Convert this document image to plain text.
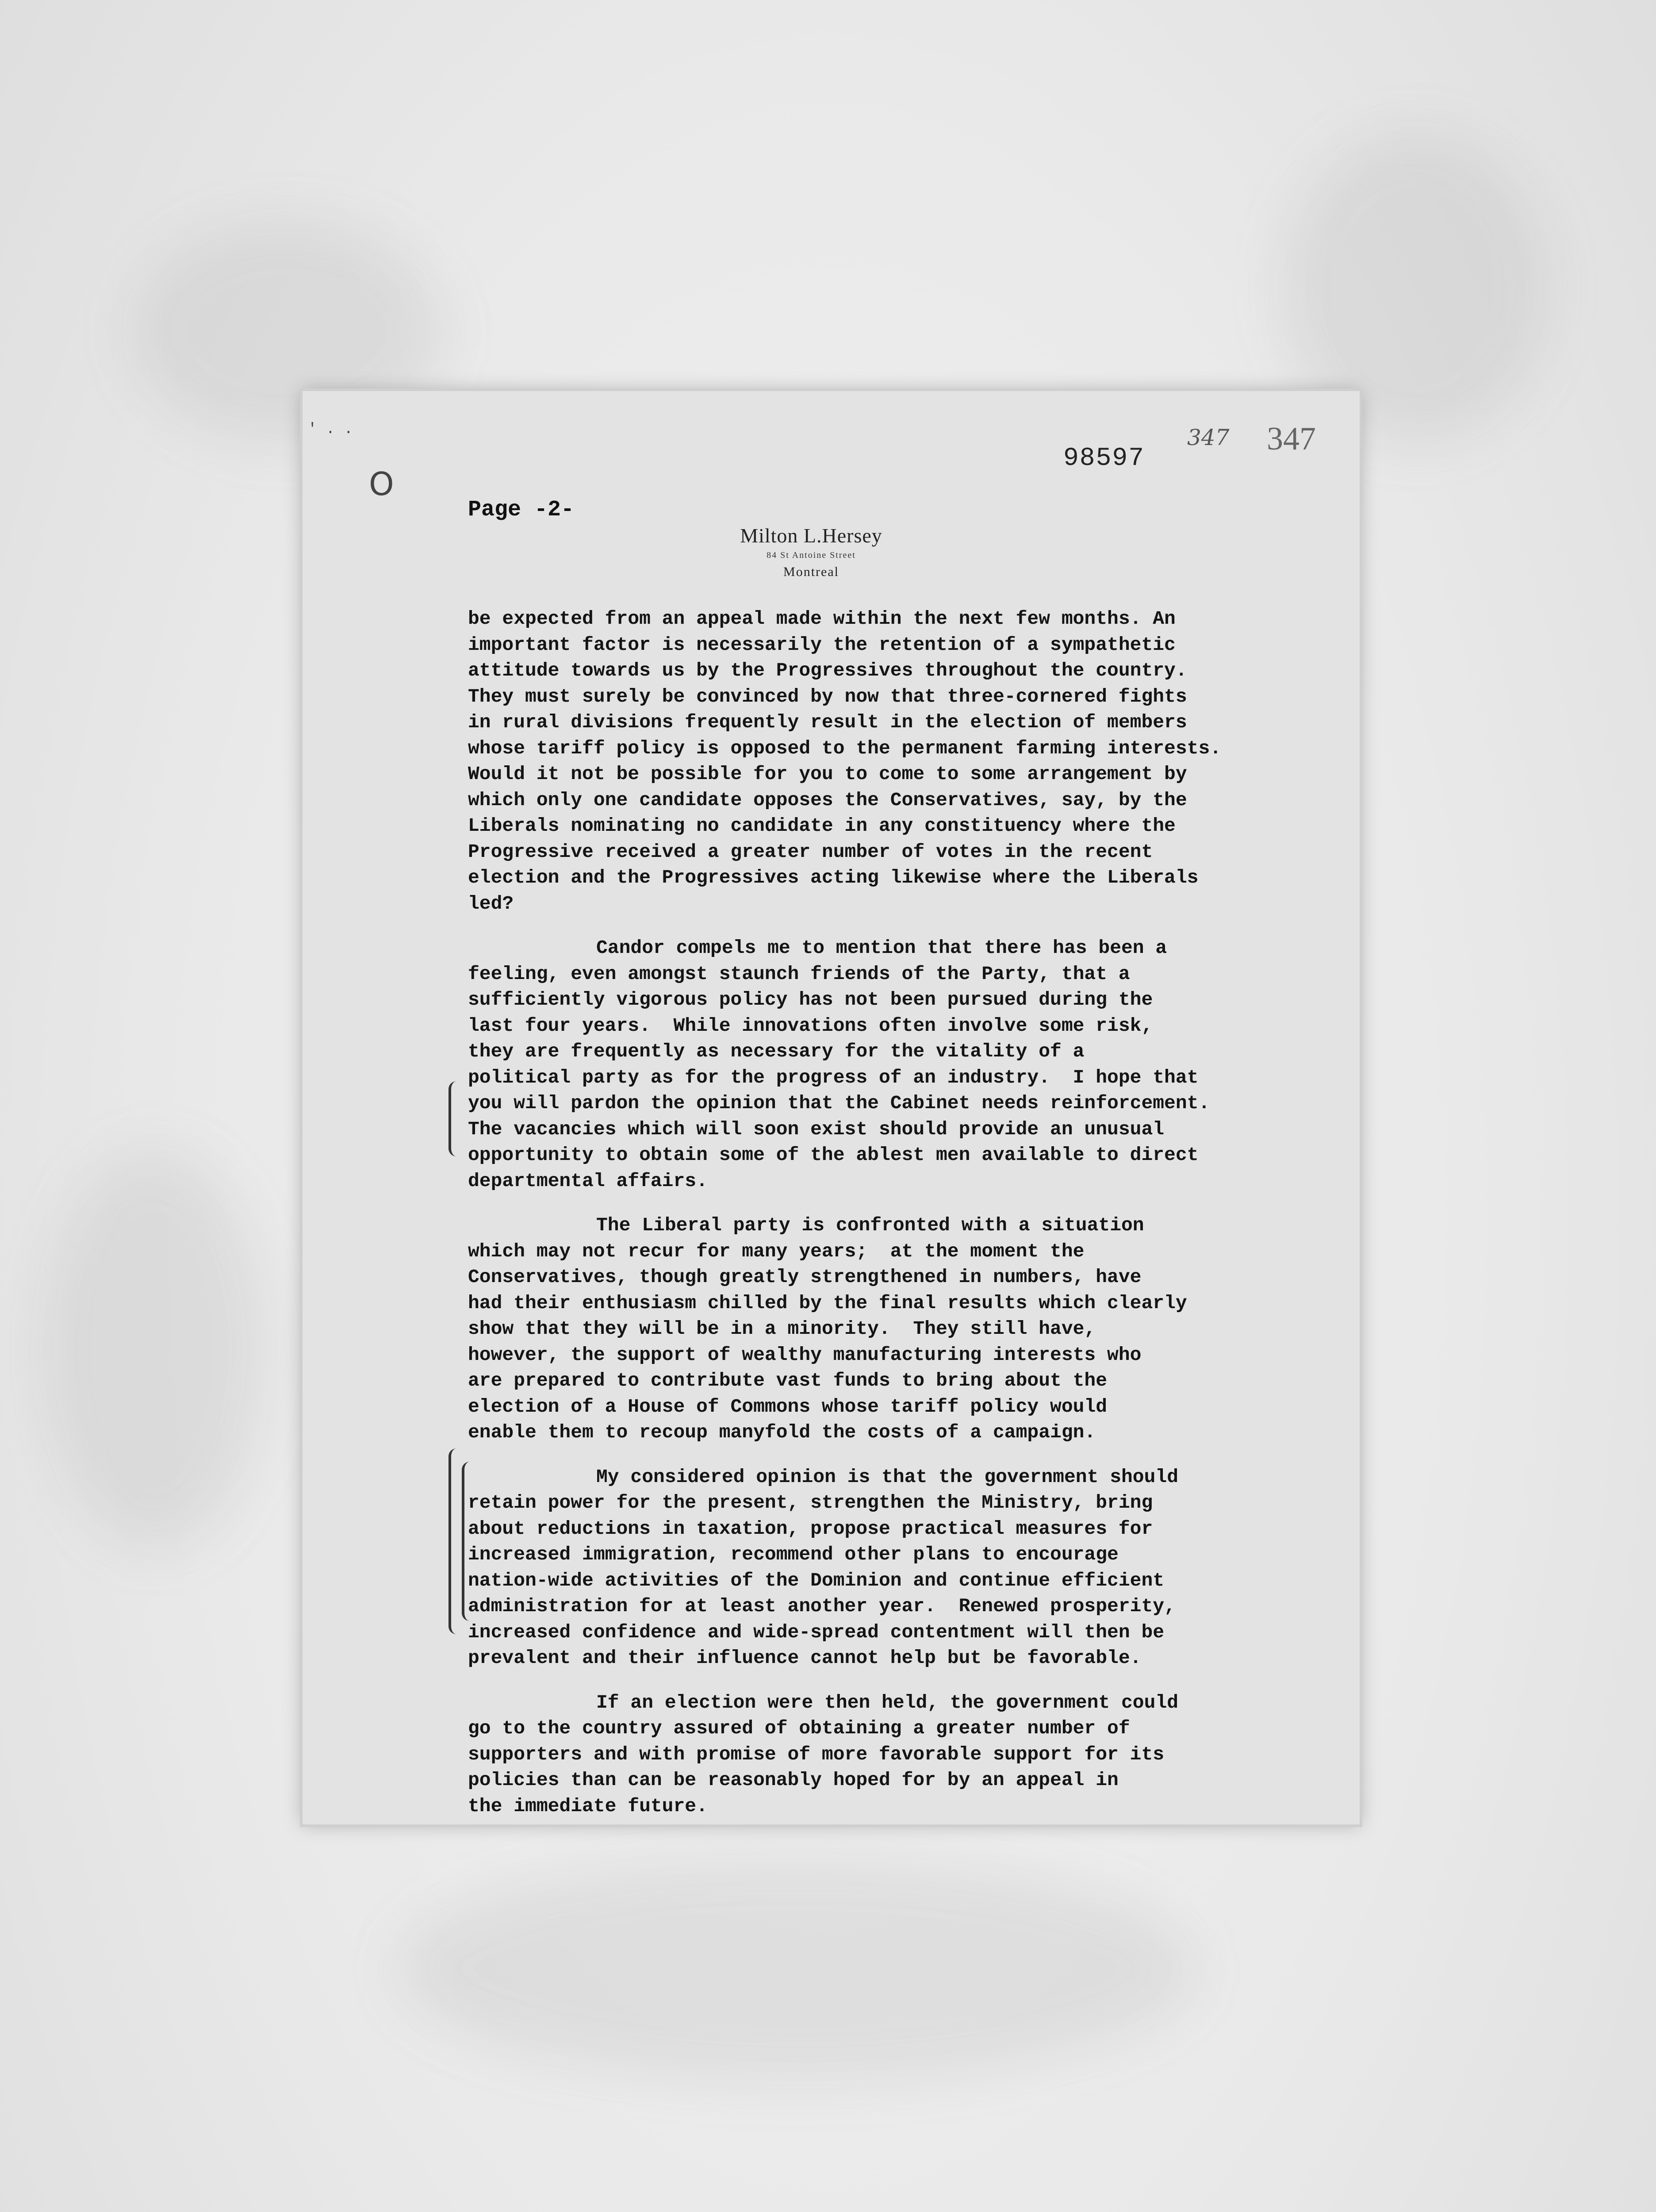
' . .
O
347 347
98597
Page -2-
Milton L.Hersey
84 St Antoine Street
Montreal
be expected from an appeal made within the next few months. An
important factor is necessarily the retention of a sympathetic
attitude towards us by the Progressives throughout the country.
They must surely be convinced by now that three-cornered fights
in rural divisions frequently result in the election of members
whose tariff policy is opposed to the permanent farming interests.
Would it not be possible for you to come to some arrangement by
which only one candidate opposes the Conservatives, say, by the
Liberals nominating no candidate in any constituency where the
Progressive received a greater number of votes in the recent
election and the Progressives acting likewise where the Liberals
led?
Candor compels me to mention that there has been a
feeling, even amongst staunch friends of the Party, that a
sufficiently vigorous policy has not been pursued during the
last four years.  While innovations often involve some risk,
they are frequently as necessary for the vitality of a
political party as for the progress of an industry.  I hope that
you will pardon the opinion that the Cabinet needs reinforcement.
The vacancies which will soon exist should provide an unusual
opportunity to obtain some of the ablest men available to direct
departmental affairs.
The Liberal party is confronted with a situation
which may not recur for many years;  at the moment the
Conservatives, though greatly strengthened in numbers, have
had their enthusiasm chilled by the final results which clearly
show that they will be in a minority.  They still have,
however, the support of wealthy manufacturing interests who
are prepared to contribute vast funds to bring about the
election of a House of Commons whose tariff policy would
enable them to recoup manyfold the costs of a campaign.
My considered opinion is that the government should
retain power for the present, strengthen the Ministry, bring
about reductions in taxation, propose practical measures for
increased immigration, recommend other plans to encourage
nation-wide activities of the Dominion and continue efficient
administration for at least another year.  Renewed prosperity,
increased confidence and wide-spread contentment will then be
prevalent and their influence cannot help but be favorable.
If an election were then held, the government could
go to the country assured of obtaining a greater number of
supporters and with promise of more favorable support for its
policies than can be reasonably hoped for by an appeal in
the immediate future.
